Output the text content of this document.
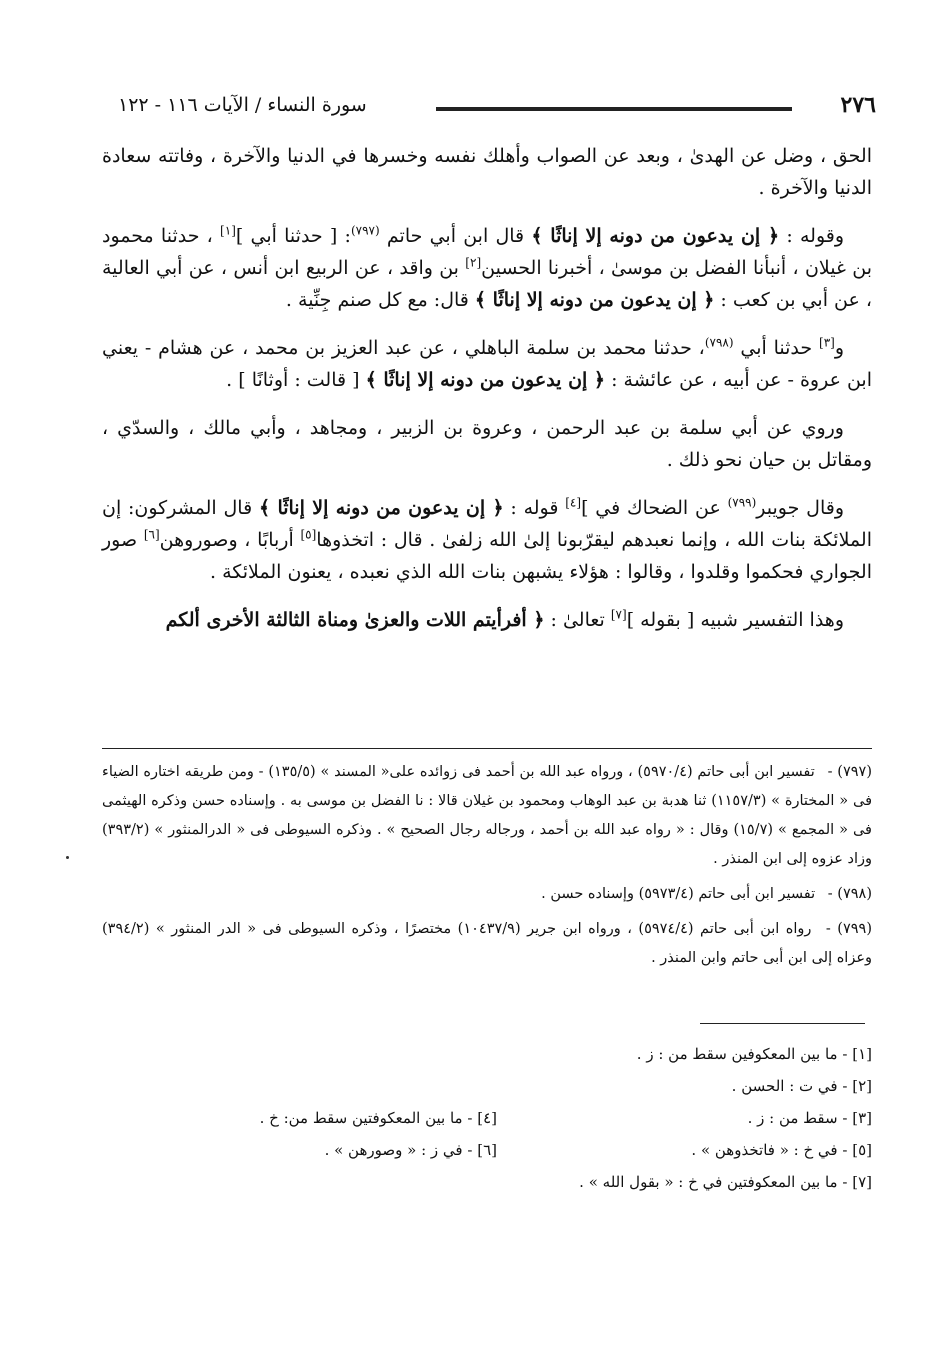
٢٧٦
سورة النساء / الآيات ١١٦ - ١٢٢

الحق ، وضل عن الهدىٰ ، وبعد عن الصواب وأهلك نفسه وخسرها في الدنيا والآخرة ، وفاتته سعادة الدنيا والآخرة .

وقوله : ﴿ إن يدعون من دونه إلا إناثًا ﴾ قال ابن أبي حاتم $^{(٧٩٧)}$: [ حدثنا أبي ][١] ، حدثنا محمود بن غيلان ، أنبأنا الفضل بن موسىٰ ، أخبرنا الحسين[٢] بن واقد ، عن الربيع ابن أنس ، عن أبي العالية ، عن أبي بن كعب : ﴿ إن يدعون من دونه إلا إناثًا ﴾ قال: مع كل صنم جِنِّية .

و[٣] حدثنا أبي $^{(٧٩٨)}$، حدثنا محمد بن سلمة الباهلي ، عن عبد العزيز بن محمد ، عن هشام - يعني ابن عروة - عن أبيه ، عن عائشة : ﴿ إن يدعون من دونه إلا إناثًا ﴾ [ قالت : أوثانًا ] .

وروي عن أبي سلمة بن عبد الرحمن ، وعروة بن الزبير ، ومجاهد ، وأبي مالك ، والسدّي ، ومقاتل بن حيان نحو ذلك .

وقال جويبر$^{(٧٩٩)}$ عن الضحاك في ][٤] قوله : ﴿ إن يدعون من دونه إلا إناثًا ﴾ قال المشركون: إن الملائكة بنات الله ، وإنما نعبدهم ليقرّبونا إلىٰ الله زلفىٰ . قال : اتخذوها[٥] أربابًا ، وصوروهن[٦] صور الجواري فحكموا وقلدوا ، وقالوا : هؤلاء يشبهن بنات الله الذي نعبده ، يعنون الملائكة .

وهذا التفسير شبيه [ بقوله ][٧] تعالىٰ : ﴿ أفرأيتم اللات والعزىٰ ومناة الثالثة الأخرى ألكم

(٧٩٧) - تفسير ابن أبى حاتم (٥٩٧٠/٤) ، ورواه عبد الله بن أحمد فى زوائده على« المسند » (١٣٥/٥) - ومن طريقه اختاره الضياء فى « المختارة » (١١٥٧/٣) ثنا هدبة بن عبد الوهاب ومحمود بن غيلان قالا : نا الفضل بن موسى به . وإسناده حسن وذكره الهيثمى فى « المجمع » (١٥/٧) وقال : « رواه عبد الله بن أحمد ، ورجاله رجال الصحيح » . وذكره السيوطى فى « الدرالمنثور » (٣٩٣/٢) وزاد عزوه إلى ابن المنذر .

(٧٩٨) - تفسير ابن أبى حاتم (٥٩٧٣/٤) وإسناده حسن .

(٧٩٩) - رواه ابن أبى حاتم (٥٩٧٤/٤) ، ورواه ابن جرير (١٠٤٣٧/٩) مختصرًا ، وذكره السيوطى فى « الدر المنثور » (٣٩٤/٢) وعزاه إلى ابن أبى حاتم وابن المنذر .

[١] - ما بين المعكوفين سقط من : ز .
[٢] - في ت : الحسن .
[٣] - سقط من : ز .
[٤] - ما بين المعكوفتين سقط من: خ .
[٥] - في خ : « فاتخذوهن » .
[٦] - في ز : « وصورهن » .
[٧] - ما بين المعكوفتين في خ : « بقول الله » .
